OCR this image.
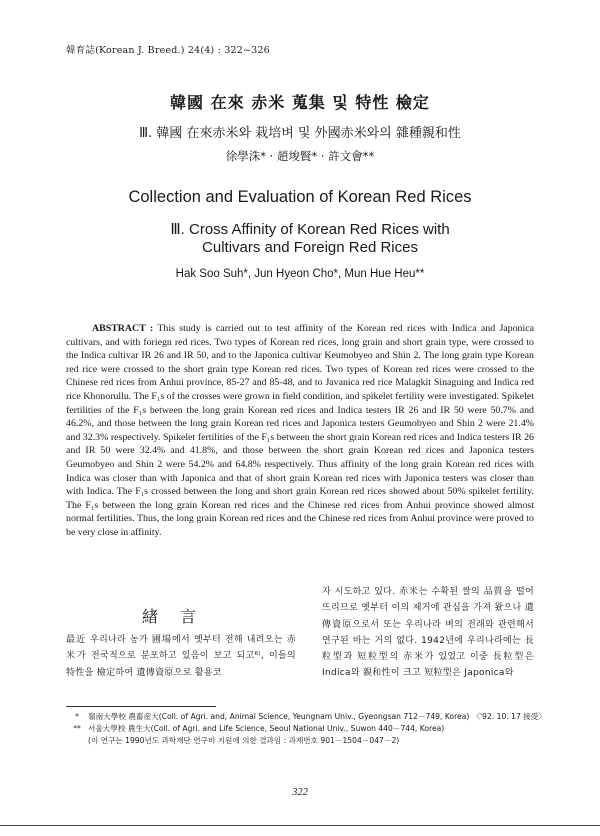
韓育誌(Korean J. Breed.) 24(4) : 322~326
韓國 在來 赤米 蒐集 및 特性 檢定
Ⅲ. 韓國 在來赤米와 栽培벼 및 外國赤米와의 雜種親和性
徐學洙* · 趙埈賢* · 許文會**
Collection and Evaluation of Korean Red Rices
Ⅲ. Cross Affinity of Korean Red Rices with Cultivars and Foreign Red Rices
Hak Soo Suh*, Jun Hyeon Cho*, Mun Hue Heu**
ABSTRACT : This study is carried out to test affinity of the Korean red rices with Indica and Japonica cultivars, and with foriegn red rices. Two types of Korean red rices, long grain and short grain type, were crossed to the Indica cultivar IR 26 and IR 50, and to the Japonica cultivar Keumobyeo and Shin 2. The long grain type Korean red rice were crossed to the short grain type Korean red rices. Two types of Korean red rices were crossed to the Chinese red rices from Anhui province, 85-27 and 85-48, and to Javanica red rice Malagkit Sinaguing and Indica red rice Khonorullu. The F₁s of the crosses were grown in field condition, and spikelet fertility were investigated. Spikelet fertilities of the F₁s between the long grain Korean red rices and Indica testers IR 26 and IR 50 were 50.7% and 46.2%, and those between the long grain Korean red rices and Japonica testers Geumobyeo and Shin 2 were 21.4% and 32.3% respectively. Spikelet fertilities of the F₁s between the short grain Korean red rices and Indica testers IR 26 and IR 50 were 32.4% and 41.8%, and those between the short grain Korean red rices and Japonica testers Geumobyeo and Shin 2 were 54.2% and 64.8% respectively. Thus affinity of the long grain Korean red rices with Indica was closer than with Japonica and that of short grain Korean red rices with Japonica testers was closer than with Indica. The F₁s crossed between the long and short grain Korean red rices showed about 50% spikelet fertility. The F₁s between the long grain Korean red rices and the Chinese red rices from Anhui province showed almost normal fertilities. Thus, the long grain Korean red rices and the Chinese red rices from Anhui province were proved to be very close in affinity.
緖言
最近 우리나라 농가 圃場에서 옛부터 전해 내려오는 赤米가 전국적으로 분포하고 있음이 보고 되고⁶⁾, 이들의 特性을 檢定하여 遺傳資原으로 활용코
자 시도하고 있다. 赤米는 수확된 쌀의 品質을 떨어뜨리므로 옛부터 이의 제거에 관심을 가져 왔으나 遺傳資原으로서 또는 우리나라 벼의 전래와 관련해서 연구된 바는 거의 없다. 1942년에 우리나라에는 長粒型과 短粒型의 赤米가 있었고 이중 長粒型은 Indica와 親和性이 크고 短粒型은 Japonica와
* 嶺南大學校 農畜産大(Coll. of Agri. and, Animal Science, Yeungnam Univ., Gyeongsan 712－749, Korea) 〈'92. 10. 17 接受〉
** 서울大學校 農生大(Coll. of Agri. and Life Science, Seoul National Univ., Suwon 440－744, Korea)
(이 연구는 1990년도 과학재단 연구비 지원에 의한 결과임 : 과제번호 901－1504－047－2)
322
